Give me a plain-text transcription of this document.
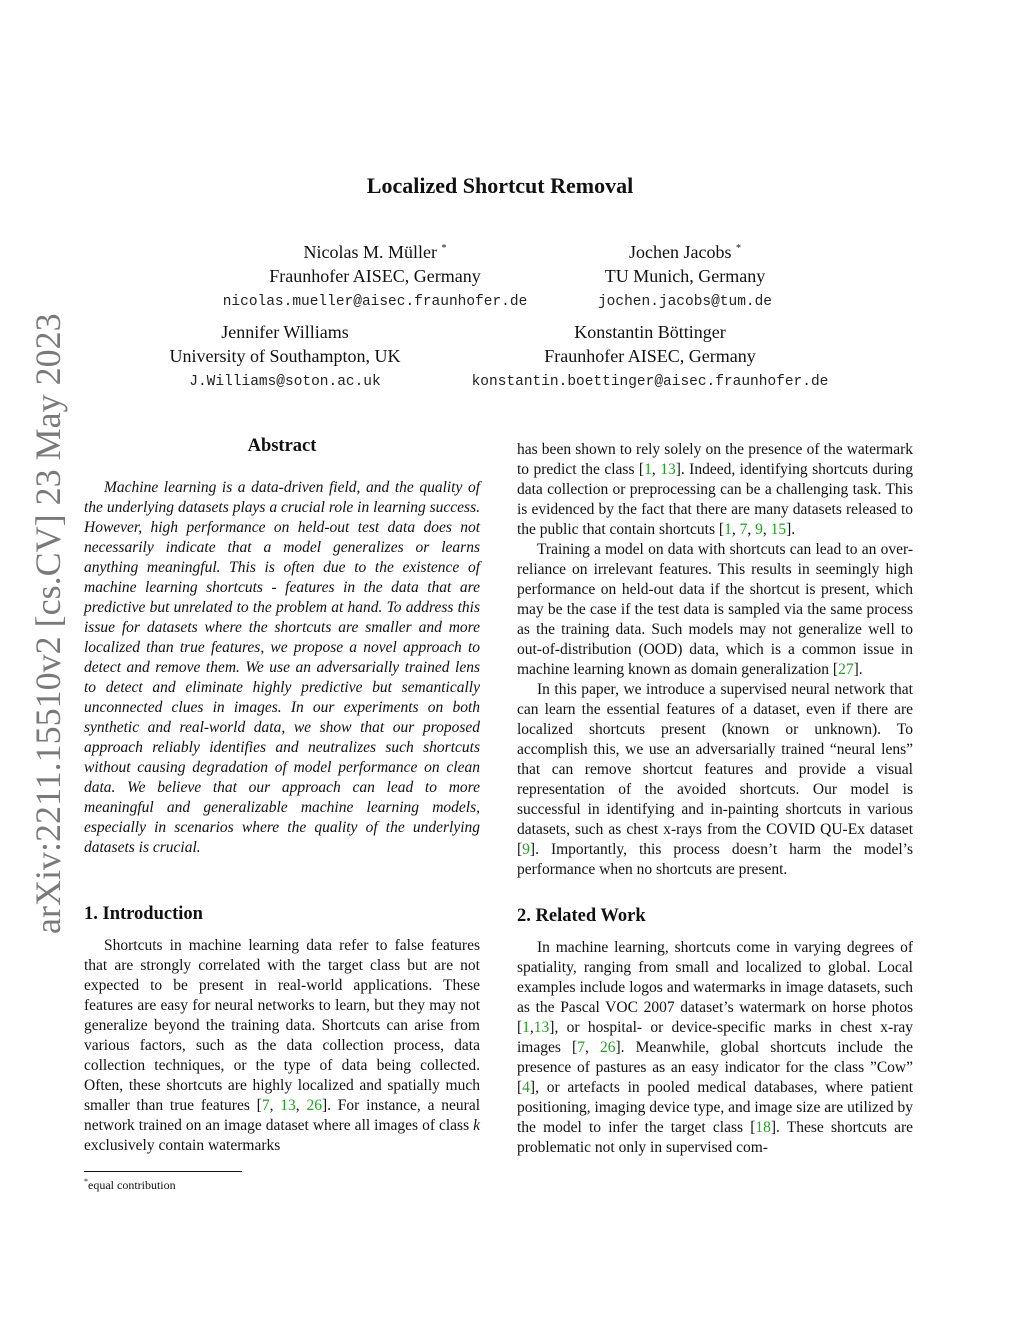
arXiv:2211.15510v2 [cs.CV] 23 May 2023
Localized Shortcut Removal
Nicolas M. Müller *
Fraunhofer AISEC, Germany
nicolas.mueller@aisec.fraunhofer.de
Jochen Jacobs *
TU Munich, Germany
jochen.jacobs@tum.de
Jennifer Williams
University of Southampton, UK
J.Williams@soton.ac.uk
Konstantin Böttinger
Fraunhofer AISEC, Germany
konstantin.boettinger@aisec.fraunhofer.de
Abstract

Machine learning is a data-driven field, and the quality of the underlying datasets plays a crucial role in learning success. However, high performance on held-out test data does not necessarily indicate that a model generalizes or learns anything meaningful. This is often due to the existence of machine learning shortcuts - features in the data that are predictive but unrelated to the problem at hand. To address this issue for datasets where the shortcuts are smaller and more localized than true features, we propose a novel approach to detect and remove them. We use an adversarially trained lens to detect and eliminate highly predictive but semantically unconnected clues in images. In our experiments on both synthetic and real-world data, we show that our proposed approach reliably identifies and neutralizes such shortcuts without causing degradation of model performance on clean data. We believe that our approach can lead to more meaningful and generalizable machine learning models, especially in scenarios where the quality of the underlying datasets is crucial.

1. Introduction

Shortcuts in machine learning data refer to false features that are strongly correlated with the target class but are not expected to be present in real-world applications. These features are easy for neural networks to learn, but they may not generalize beyond the training data. Shortcuts can arise from various factors, such as the data collection process, data collection techniques, or the type of data being collected. Often, these shortcuts are highly localized and spatially much smaller than true features [7, 13, 26]. For instance, a neural network trained on an image dataset where all images of class k exclusively contain watermarks

*equal contribution

has been shown to rely solely on the presence of the watermark to predict the class [1, 13]. Indeed, identifying shortcuts during data collection or preprocessing can be a challenging task. This is evidenced by the fact that there are many datasets released to the public that contain shortcuts [1, 7, 9, 15].

Training a model on data with shortcuts can lead to an over-reliance on irrelevant features. This results in seemingly high performance on held-out data if the shortcut is present, which may be the case if the test data is sampled via the same process as the training data. Such models may not generalize well to out-of-distribution (OOD) data, which is a common issue in machine learning known as domain generalization [27].

In this paper, we introduce a supervised neural network that can learn the essential features of a dataset, even if there are localized shortcuts present (known or unknown). To accomplish this, we use an adversarially trained “neural lens” that can remove shortcut features and provide a visual representation of the avoided shortcuts. Our model is successful in identifying and in-painting shortcuts in various datasets, such as chest x-rays from the COVID QU-Ex dataset [9]. Importantly, this process doesn’t harm the model’s performance when no shortcuts are present.

2. Related Work

In machine learning, shortcuts come in varying degrees of spatiality, ranging from small and localized to global. Local examples include logos and watermarks in image datasets, such as the Pascal VOC 2007 dataset’s watermark on horse photos [1,13], or hospital- or device-specific marks in chest x-ray images [7, 26]. Meanwhile, global shortcuts include the presence of pastures as an easy indicator for the class ”Cow” [4], or artefacts in pooled medical databases, where patient positioning, imaging device type, and image size are utilized by the model to infer the target class [18]. These shortcuts are problematic not only in supervised com-
